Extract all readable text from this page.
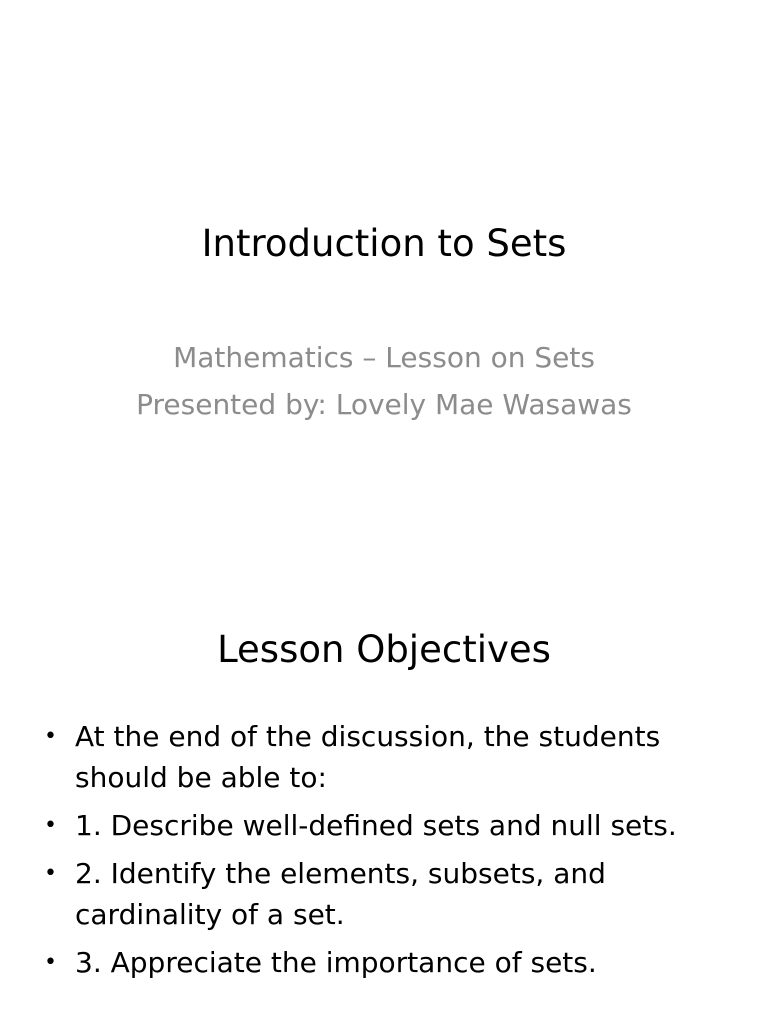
Introduction to Sets
Mathematics – Lesson on Sets
Presented by: Lovely Mae Wasawas
Lesson Objectives
• At the end of the discussion, the students should be able to:
• 1. Describe well-defined sets and null sets.
• 2. Identify the elements, subsets, and cardinality of a set.
• 3. Appreciate the importance of sets.
